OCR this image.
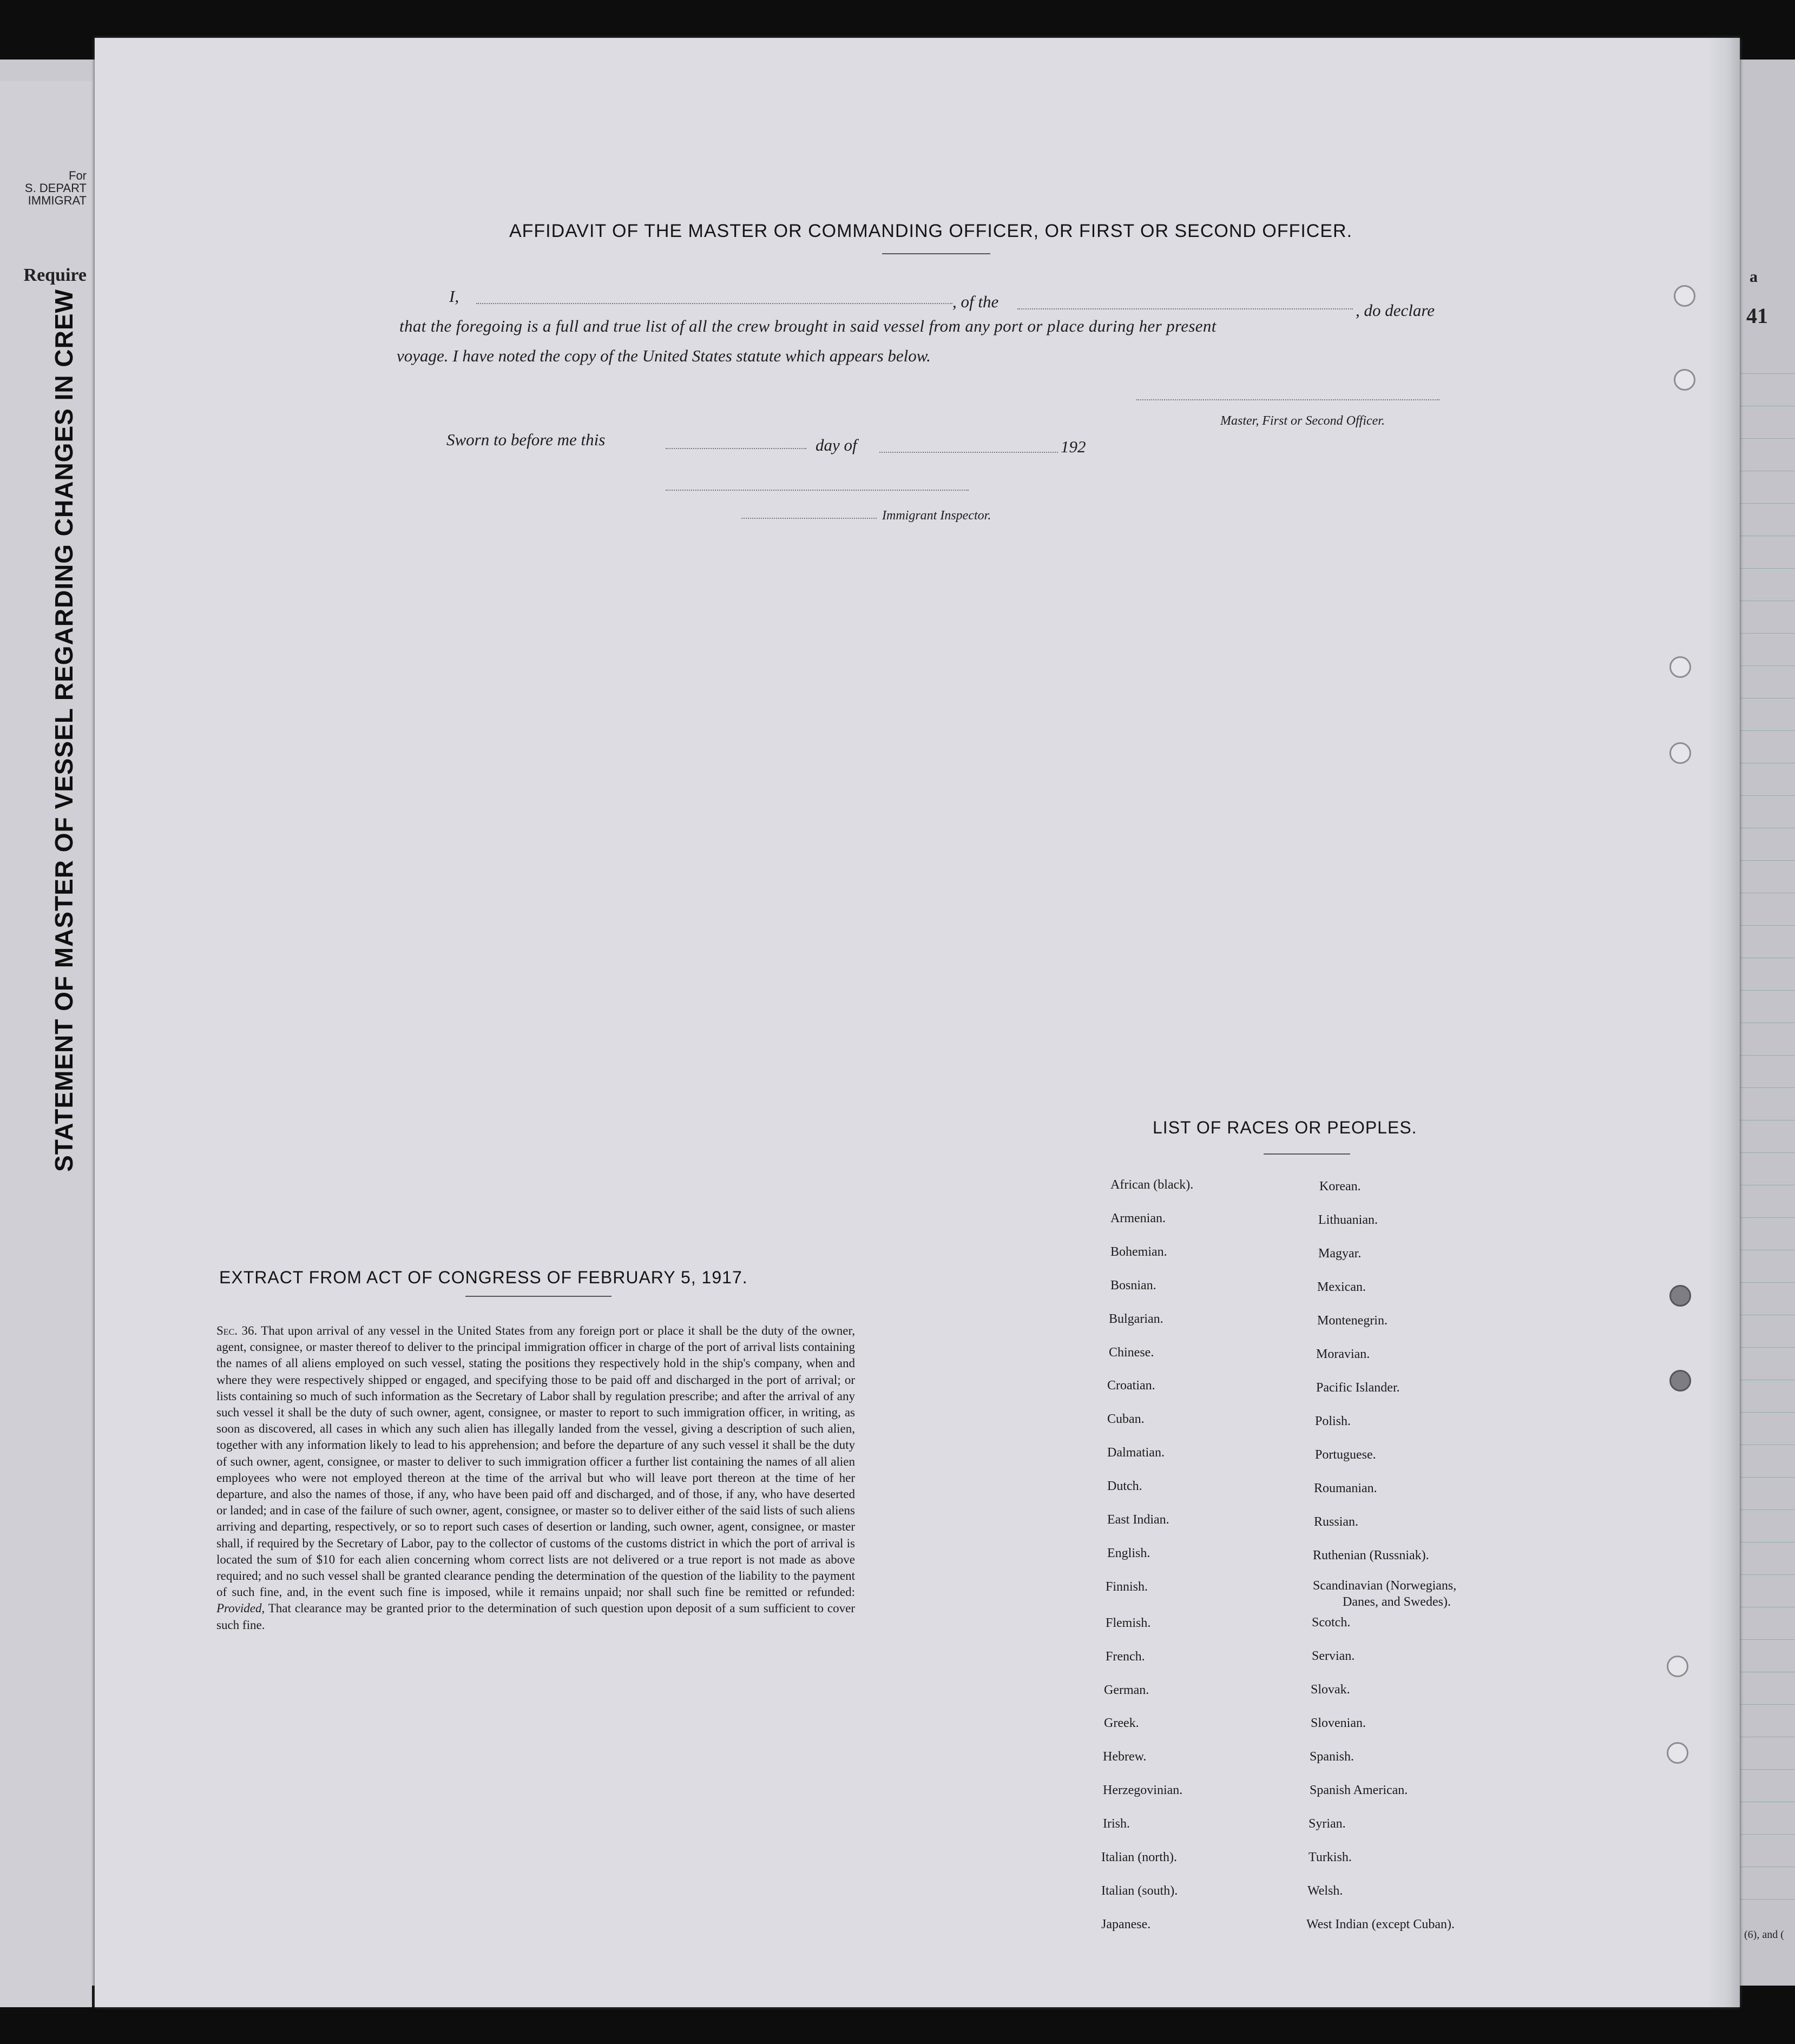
For
S. DEPART
IMMIGRAT
Require
STATEMENT OF MASTER OF VESSEL REGARDING CHANGES IN CREW
a
41
(6), and (
AFFIDAVIT OF THE MASTER OR COMMANDING OFFICER, OR FIRST OR SECOND OFFICER.
I,	, of the	, do declare
that the foregoing is a full and true list of all the crew brought in said vessel from any port or place during her present
voyage. I have noted the copy of the United States statute which appears below.
Master, First or Second Officer.
Sworn to before me this	day of	192
Immigrant Inspector.
EXTRACT FROM ACT OF CONGRESS OF FEBRUARY 5, 1917.
Sec. 36. That upon arrival of any vessel in the United States from any foreign port or place it shall be the duty of the owner, agent, consignee, or master thereof to deliver to the principal immigration officer in charge of the port of arrival lists containing the names of all aliens employed on such vessel, stating the positions they respectively hold in the ship's company, when and where they were respectively shipped or engaged, and specifying those to be paid off and discharged in the port of arrival; or lists containing so much of such information as the Secretary of Labor shall by regulation prescribe; and after the arrival of any such vessel it shall be the duty of such owner, agent, consignee, or master to report to such immigration officer, in writing, as soon as discovered, all cases in which any such alien has illegally landed from the vessel, giving a description of such alien, together with any information likely to lead to his apprehension; and before the departure of any such vessel it shall be the duty of such owner, agent, consignee, or master to deliver to such immigration officer a further list containing the names of all alien employees who were not employed thereon at the time of the arrival but who will leave port thereon at the time of her departure, and also the names of those, if any, who have been paid off and discharged, and of those, if any, who have deserted or landed; and in case of the failure of such owner, agent, consignee, or master so to deliver either of the said lists of such aliens arriving and departing, respectively, or so to report such cases of desertion or landing, such owner, agent, consignee, or master shall, if required by the Secretary of Labor, pay to the collector of customs of the customs district in which the port of arrival is located the sum of $10 for each alien concerning whom correct lists are not delivered or a true report is not made as above required; and no such vessel shall be granted clearance pending the determination of the question of the liability to the payment of such fine, and, in the event such fine is imposed, while it remains unpaid; nor shall such fine be remitted or refunded: Provided, That clearance may be granted prior to the determination of such question upon deposit of a sum sufficient to cover such fine.
LIST OF RACES OR PEOPLES.
African (black).
Armenian.
Bohemian.
Bosnian.
Bulgarian.
Chinese.
Croatian.
Cuban.
Dalmatian.
Dutch.
East Indian.
English.
Finnish.
Flemish.
French.
German.
Greek.
Hebrew.
Herzegovinian.
Irish.
Italian (north).
Italian (south).
Japanese.
Korean.
Lithuanian.
Magyar.
Mexican.
Montenegrin.
Moravian.
Pacific Islander.
Polish.
Portuguese.
Roumanian.
Russian.
Ruthenian (Russniak).
Scandinavian (Norwegians,
Danes, and Swedes).
Scotch.
Servian.
Slovak.
Slovenian.
Spanish.
Spanish American.
Syrian.
Turkish.
Welsh.
West Indian (except Cuban).
